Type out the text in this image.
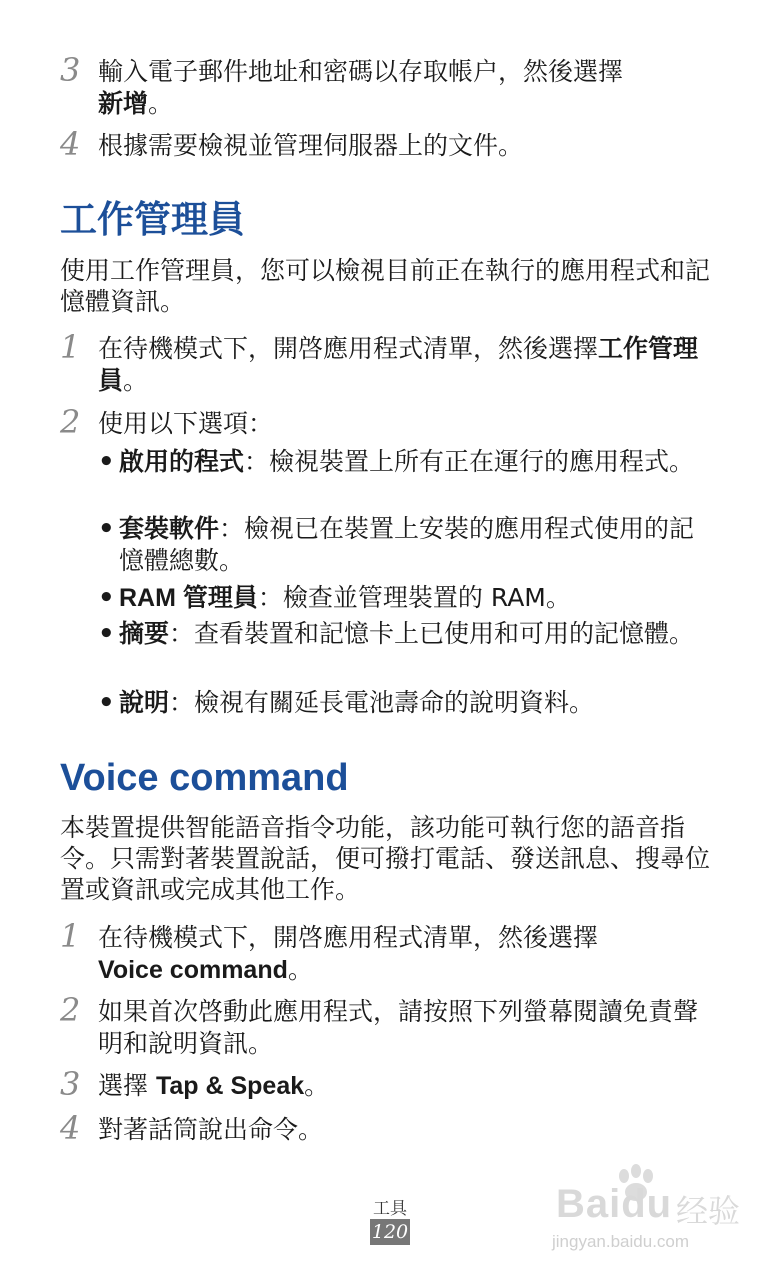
3 輸入電子郵件地址和密碼以存取帳户，然後選擇
新增。
4 根據需要檢視並管理伺服器上的文件。
工作管理員
使用工作管理員，您可以檢視目前正在執行的應用程式和記憶體資訊。
1 在待機模式下，開啓應用程式清單，然後選擇工作管理員。
2 使用以下選項：
• 啟用的程式：檢視裝置上所有正在運行的應用程式。
• 套裝軟件：檢視已在裝置上安裝的應用程式使用的記憶體總數。
• RAM 管理員：檢查並管理裝置的 RAM。
• 摘要：查看裝置和記憶卡上已使用和可用的記憶體。
• 說明：檢視有關延長電池壽命的說明資料。
Voice command
本裝置提供智能語音指令功能，該功能可執行您的語音指令。只需對著裝置說話，便可撥打電話、發送訊息、搜尋位置或資訊或完成其他工作。
1 在待機模式下，開啓應用程式清單，然後選擇
Voice command。
2 如果首次啓動此應用程式，請按照下列螢幕閱讀免責聲明和說明資訊。
3 選擇 Tap & Speak。
4 對著話筒說出命令。
工具
120
Baidu 经验
jingyan.baidu.com
